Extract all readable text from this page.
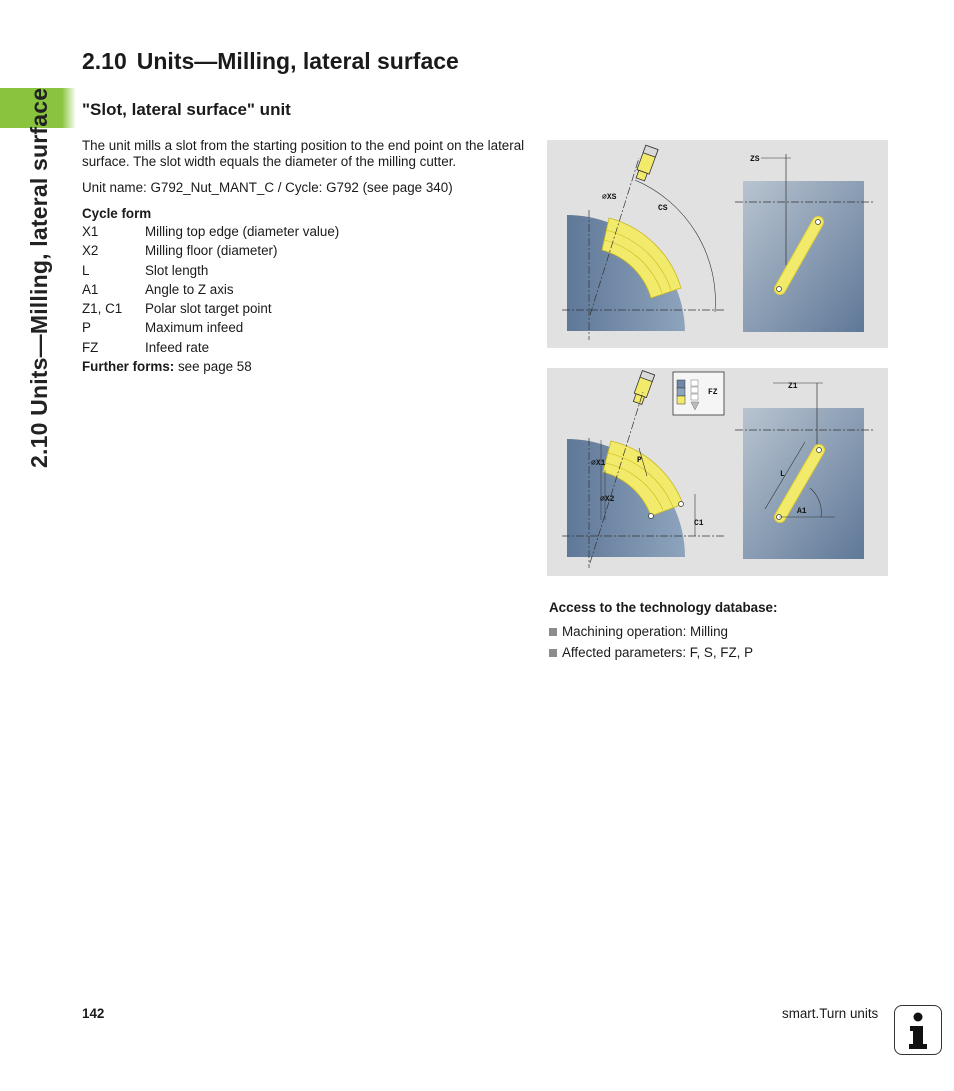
2.10 Units—Milling, lateral surface
2.10 Units—Milling, lateral surface
"Slot, lateral surface" unit
The unit mills a slot from the starting position to the end point on the lateral surface. The slot width equals the diameter of the milling cutter.
Unit name: G792_Nut_MANT_C / Cycle: G792 (see page 340)
Cycle form
X1	Milling top edge (diameter value)
X2	Milling floor (diameter)
L	Slot length
A1	Angle to Z axis
Z1, C1	Polar slot target point
P	Maximum infeed
FZ	Infeed rate
Further forms: see page 58
⌀XS
CS
ZS
⌀X1
⌀X2
P
C1
FZ
Z1
L
A1
Access to the technology database:
Machining operation: Milling
Affected parameters: F, S, FZ, P
142	smart.Turn units
